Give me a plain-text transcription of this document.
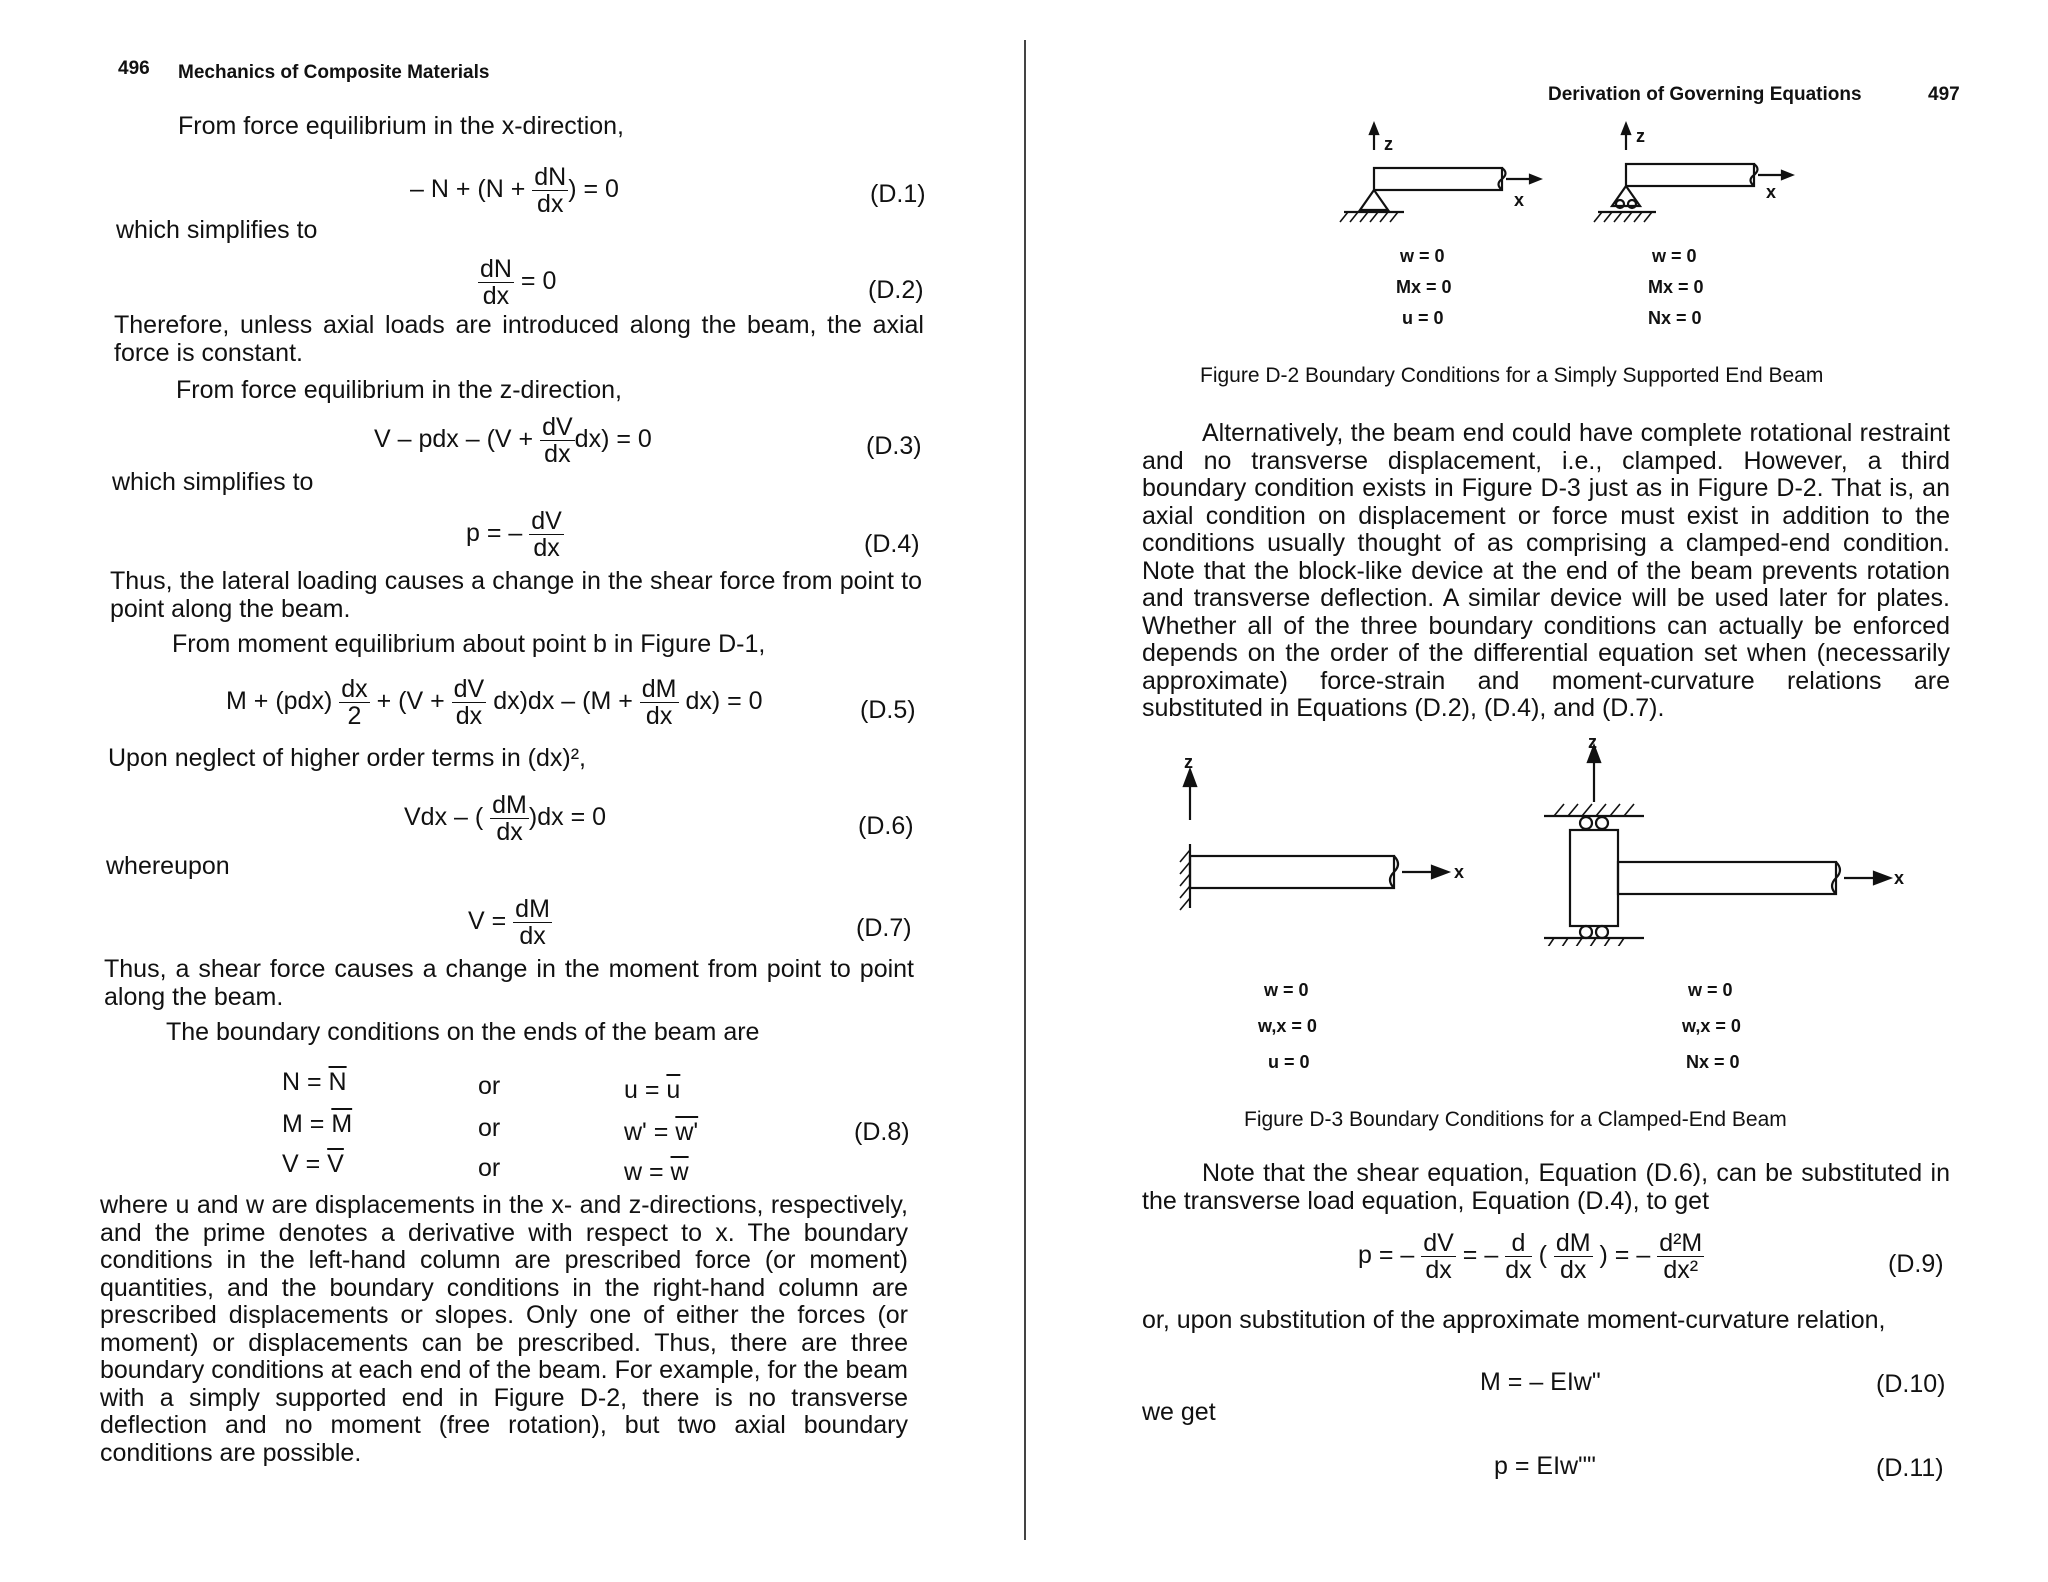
496 Mechanics of Composite Materials
From force equilibrium in the x-direction,
– $N + (N + \frac{dN}{dx}$ ) = 0	(D.1)
which simplifies to
$\frac{dN}{dx} = 0$	(D.2)
Therefore, unless axial loads are introduced along the beam, the axial force is constant.
From force equilibrium in the z-direction,
V – pdx – $(V + \frac{dV}{dx} dx) = 0$	(D.3)
which simplifies to
p = – $\frac{dV}{dx}$	(D.4)
Thus, the lateral loading causes a change in the shear force from point to point along the beam.
From moment equilibrium about point b in Figure D-1,
$M + (pdx) \frac{dx}{2} + (V + \frac{dV}{dx} dx)dx - (M + \frac{dM}{dx} dx) = 0$	(D.5)
Upon neglect of higher order terms in (dx)²,
Vdx – ( $\frac{dM}{dx} )dx = 0$	(D.6)
whereupon
$V = \frac{dM}{dx}$	(D.7)
Thus, a shear force causes a change in the moment from point to point along the beam.
The boundary conditions on the ends of the beam are
$N = \overline{N}$	or	$u = \overline{u}$
$M = \overline{M}$	or	w' = w'
$V = \overline{V}$	or	$w = \overline{w}$
(D.8)
where u and w are displacements in the x- and z-directions, respectively, and the prime denotes a derivative with respect to x. The boundary conditions in the left-hand column are prescribed force (or moment) quantities, and the boundary conditions in the right-hand column are prescribed displacements or slopes. Only one of either the forces (or moment) or displacements can be prescribed. Thus, there are three boundary conditions at each end of the beam. For example, for the beam with a simply supported end in Figure D-2, there is no transverse deflection and no moment (free rotation), but two axial boundary conditions are possible.
Derivation of Governing Equations	497
z
x
z
x
w = 0
Mx = 0
u = 0
w = 0
Mx = 0
Nx = 0
Figure D-2 Boundary Conditions for a Simply Supported End Beam
Alternatively, the beam end could have complete rotational restraint and no transverse displacement, i.e., clamped. However, a third boundary condition exists in Figure D-3 just as in Figure D-2. That is, an axial condition on displacement or force must exist in addition to the conditions usually thought of as comprising a clamped-end condition. Note that the block-like device at the end of the beam prevents rotation and transverse deflection. A similar device will be used later for plates. Whether all of the three boundary conditions can actually be enforced depends on the order of the differential equation set when (necessarily approximate) force-strain and moment-curvature relations are substituted in Equations (D.2), (D.4), and (D.7).
z
x
z
x
w = 0
w,x = 0
u = 0
w = 0
w,x = 0
Nx = 0
Figure D-3 Boundary Conditions for a Clamped-End Beam
Note that the shear equation, Equation (D.6), can be substituted in the transverse load equation, Equation (D.4), to get
p = – $\frac{dV}{dx}$ = – $\frac{d}{dx}$ ( $\frac{dM}{dx}$ ) = – $\frac{\text{d²M}}{\text{dx²}}$	(D.9)
or, upon substitution of the approximate moment-curvature relation,
M = – EIw"	(D.10)
we get
p = EIw""	(D.11)
